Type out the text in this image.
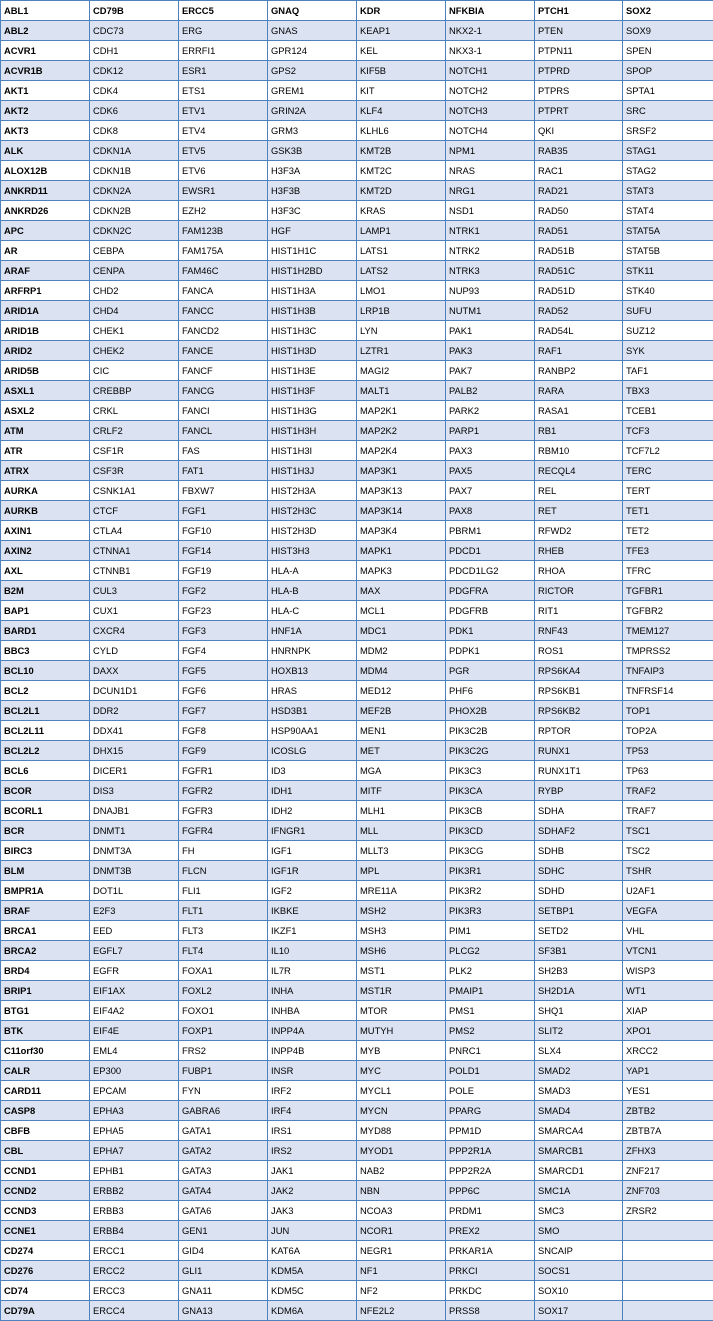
ABL1	CD79B	ERCC5	GNAQ	KDR	NFKBIA	PTCH1	SOX2
ABL2	CDC73	ERG	GNAS	KEAP1	NKX2-1	PTEN	SOX9
ACVR1	CDH1	ERRFI1	GPR124	KEL	NKX3-1	PTPN11	SPEN
ACVR1B	CDK12	ESR1	GPS2	KIF5B	NOTCH1	PTPRD	SPOP
AKT1	CDK4	ETS1	GREM1	KIT	NOTCH2	PTPRS	SPTA1
AKT2	CDK6	ETV1	GRIN2A	KLF4	NOTCH3	PTPRT	SRC
AKT3	CDK8	ETV4	GRM3	KLHL6	NOTCH4	QKI	SRSF2
ALK	CDKN1A	ETV5	GSK3B	KMT2B	NPM1	RAB35	STAG1
ALOX12B	CDKN1B	ETV6	H3F3A	KMT2C	NRAS	RAC1	STAG2
ANKRD11	CDKN2A	EWSR1	H3F3B	KMT2D	NRG1	RAD21	STAT3
ANKRD26	CDKN2B	EZH2	H3F3C	KRAS	NSD1	RAD50	STAT4
APC	CDKN2C	FAM123B	HGF	LAMP1	NTRK1	RAD51	STAT5A
AR	CEBPA	FAM175A	HIST1H1C	LATS1	NTRK2	RAD51B	STAT5B
ARAF	CENPA	FAM46C	HIST1H2BD	LATS2	NTRK3	RAD51C	STK11
ARFRP1	CHD2	FANCA	HIST1H3A	LMO1	NUP93	RAD51D	STK40
ARID1A	CHD4	FANCC	HIST1H3B	LRP1B	NUTM1	RAD52	SUFU
ARID1B	CHEK1	FANCD2	HIST1H3C	LYN	PAK1	RAD54L	SUZ12
ARID2	CHEK2	FANCE	HIST1H3D	LZTR1	PAK3	RAF1	SYK
ARID5B	CIC	FANCF	HIST1H3E	MAGI2	PAK7	RANBP2	TAF1
ASXL1	CREBBP	FANCG	HIST1H3F	MALT1	PALB2	RARA	TBX3
ASXL2	CRKL	FANCI	HIST1H3G	MAP2K1	PARK2	RASA1	TCEB1
ATM	CRLF2	FANCL	HIST1H3H	MAP2K2	PARP1	RB1	TCF3
ATR	CSF1R	FAS	HIST1H3I	MAP2K4	PAX3	RBM10	TCF7L2
ATRX	CSF3R	FAT1	HIST1H3J	MAP3K1	PAX5	RECQL4	TERC
AURKA	CSNK1A1	FBXW7	HIST2H3A	MAP3K13	PAX7	REL	TERT
AURKB	CTCF	FGF1	HIST2H3C	MAP3K14	PAX8	RET	TET1
AXIN1	CTLA4	FGF10	HIST2H3D	MAP3K4	PBRM1	RFWD2	TET2
AXIN2	CTNNA1	FGF14	HIST3H3	MAPK1	PDCD1	RHEB	TFE3
AXL	CTNNB1	FGF19	HLA-A	MAPK3	PDCD1LG2	RHOA	TFRC
B2M	CUL3	FGF2	HLA-B	MAX	PDGFRA	RICTOR	TGFBR1
BAP1	CUX1	FGF23	HLA-C	MCL1	PDGFRB	RIT1	TGFBR2
BARD1	CXCR4	FGF3	HNF1A	MDC1	PDK1	RNF43	TMEM127
BBC3	CYLD	FGF4	HNRNPK	MDM2	PDPK1	ROS1	TMPRSS2
BCL10	DAXX	FGF5	HOXB13	MDM4	PGR	RPS6KA4	TNFAIP3
BCL2	DCUN1D1	FGF6	HRAS	MED12	PHF6	RPS6KB1	TNFRSF14
BCL2L1	DDR2	FGF7	HSD3B1	MEF2B	PHOX2B	RPS6KB2	TOP1
BCL2L11	DDX41	FGF8	HSP90AA1	MEN1	PIK3C2B	RPTOR	TOP2A
BCL2L2	DHX15	FGF9	ICOSLG	MET	PIK3C2G	RUNX1	TP53
BCL6	DICER1	FGFR1	ID3	MGA	PIK3C3	RUNX1T1	TP63
BCOR	DIS3	FGFR2	IDH1	MITF	PIK3CA	RYBP	TRAF2
BCORL1	DNAJB1	FGFR3	IDH2	MLH1	PIK3CB	SDHA	TRAF7
BCR	DNMT1	FGFR4	IFNGR1	MLL	PIK3CD	SDHAF2	TSC1
BIRC3	DNMT3A	FH	IGF1	MLLT3	PIK3CG	SDHB	TSC2
BLM	DNMT3B	FLCN	IGF1R	MPL	PIK3R1	SDHC	TSHR
BMPR1A	DOT1L	FLI1	IGF2	MRE11A	PIK3R2	SDHD	U2AF1
BRAF	E2F3	FLT1	IKBKE	MSH2	PIK3R3	SETBP1	VEGFA
BRCA1	EED	FLT3	IKZF1	MSH3	PIM1	SETD2	VHL
BRCA2	EGFL7	FLT4	IL10	MSH6	PLCG2	SF3B1	VTCN1
BRD4	EGFR	FOXA1	IL7R	MST1	PLK2	SH2B3	WISP3
BRIP1	EIF1AX	FOXL2	INHA	MST1R	PMAIP1	SH2D1A	WT1
BTG1	EIF4A2	FOXO1	INHBA	MTOR	PMS1	SHQ1	XIAP
BTK	EIF4E	FOXP1	INPP4A	MUTYH	PMS2	SLIT2	XPO1
C11orf30	EML4	FRS2	INPP4B	MYB	PNRC1	SLX4	XRCC2
CALR	EP300	FUBP1	INSR	MYC	POLD1	SMAD2	YAP1
CARD11	EPCAM	FYN	IRF2	MYCL1	POLE	SMAD3	YES1
CASP8	EPHA3	GABRA6	IRF4	MYCN	PPARG	SMAD4	ZBTB2
CBFB	EPHA5	GATA1	IRS1	MYD88	PPM1D	SMARCA4	ZBTB7A
CBL	EPHA7	GATA2	IRS2	MYOD1	PPP2R1A	SMARCB1	ZFHX3
CCND1	EPHB1	GATA3	JAK1	NAB2	PPP2R2A	SMARCD1	ZNF217
CCND2	ERBB2	GATA4	JAK2	NBN	PPP6C	SMC1A	ZNF703
CCND3	ERBB3	GATA6	JAK3	NCOA3	PRDM1	SMC3	ZRSR2
CCNE1	ERBB4	GEN1	JUN	NCOR1	PREX2	SMO	
CD274	ERCC1	GID4	KAT6A	NEGR1	PRKAR1A	SNCAIP	
CD276	ERCC2	GLI1	KDM5A	NF1	PRKCI	SOCS1	
CD74	ERCC3	GNA11	KDM5C	NF2	PRKDC	SOX10	
CD79A	ERCC4	GNA13	KDM6A	NFE2L2	PRSS8	SOX17	
